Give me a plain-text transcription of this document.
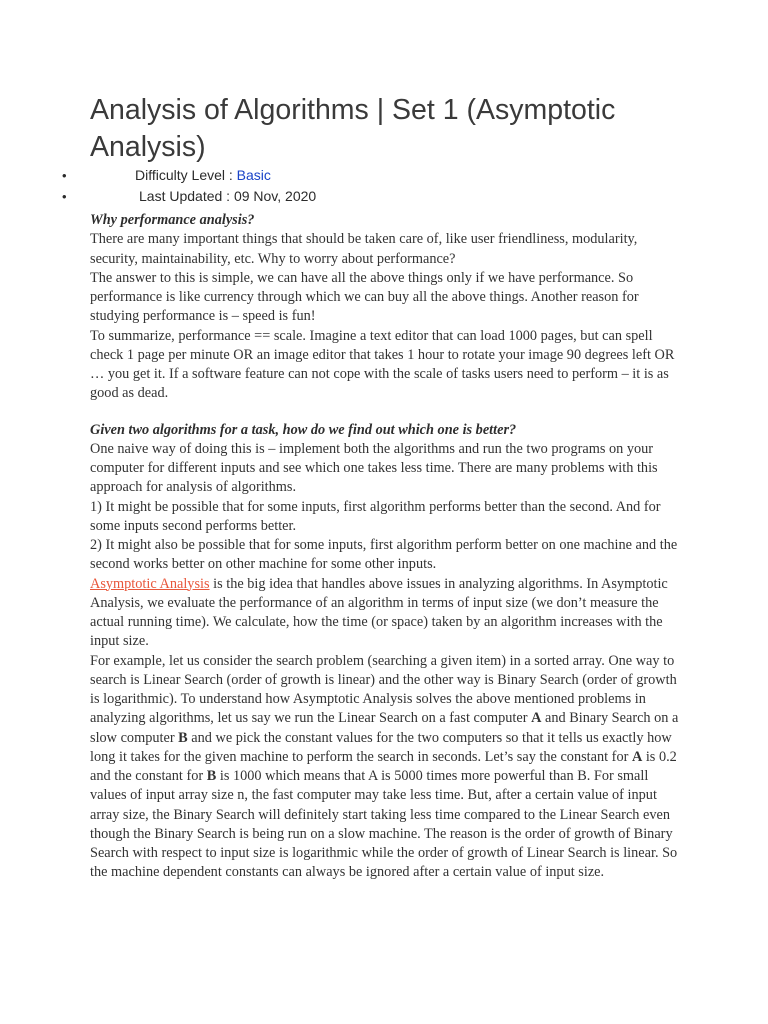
Analysis of Algorithms | Set 1 (Asymptotic Analysis)
•	Difficulty Level : Basic
•	Last Updated : 09 Nov, 2020

Why performance analysis?

There are many important things that should be taken care of, like user friendliness, modularity, security, maintainability, etc. Why to worry about performance?

The answer to this is simple, we can have all the above things only if we have performance. So performance is like currency through which we can buy all the above things. Another reason for studying performance is – speed is fun!

To summarize, performance == scale. Imagine a text editor that can load 1000 pages, but can spell check 1 page per minute OR an image editor that takes 1 hour to rotate your image 90 degrees left OR … you get it. If a software feature can not cope with the scale of tasks users need to perform – it is as good as dead.

Given two algorithms for a task, how do we find out which one is better?

One naive way of doing this is – implement both the algorithms and run the two programs on your computer for different inputs and see which one takes less time. There are many problems with this approach for analysis of algorithms.

1) It might be possible that for some inputs, first algorithm performs better than the second. And for some inputs second performs better.

2) It might also be possible that for some inputs, first algorithm perform better on one machine and the second works better on other machine for some other inputs.

Asymptotic Analysis is the big idea that handles above issues in analyzing algorithms. In Asymptotic Analysis, we evaluate the performance of an algorithm in terms of input size (we don’t measure the actual running time). We calculate, how the time (or space) taken by an algorithm increases with the input size.

For example, let us consider the search problem (searching a given item) in a sorted array. One way to search is Linear Search (order of growth is linear) and the other way is Binary Search (order of growth is logarithmic). To understand how Asymptotic Analysis solves the above mentioned problems in analyzing algorithms, let us say we run the Linear Search on a fast computer A and Binary Search on a slow computer B and we pick the constant values for the two computers so that it tells us exactly how long it takes for the given machine to perform the search in seconds. Let’s say the constant for A is 0.2 and the constant for B is 1000 which means that A is 5000 times more powerful than B. For small values of input array size n, the fast computer may take less time. But, after a certain value of input array size, the Binary Search will definitely start taking less time compared to the Linear Search even though the Binary Search is being run on a slow machine. The reason is the order of growth of Binary Search with respect to input size is logarithmic while the order of growth of Linear Search is linear. So the machine dependent constants can always be ignored after a certain value of input size.
